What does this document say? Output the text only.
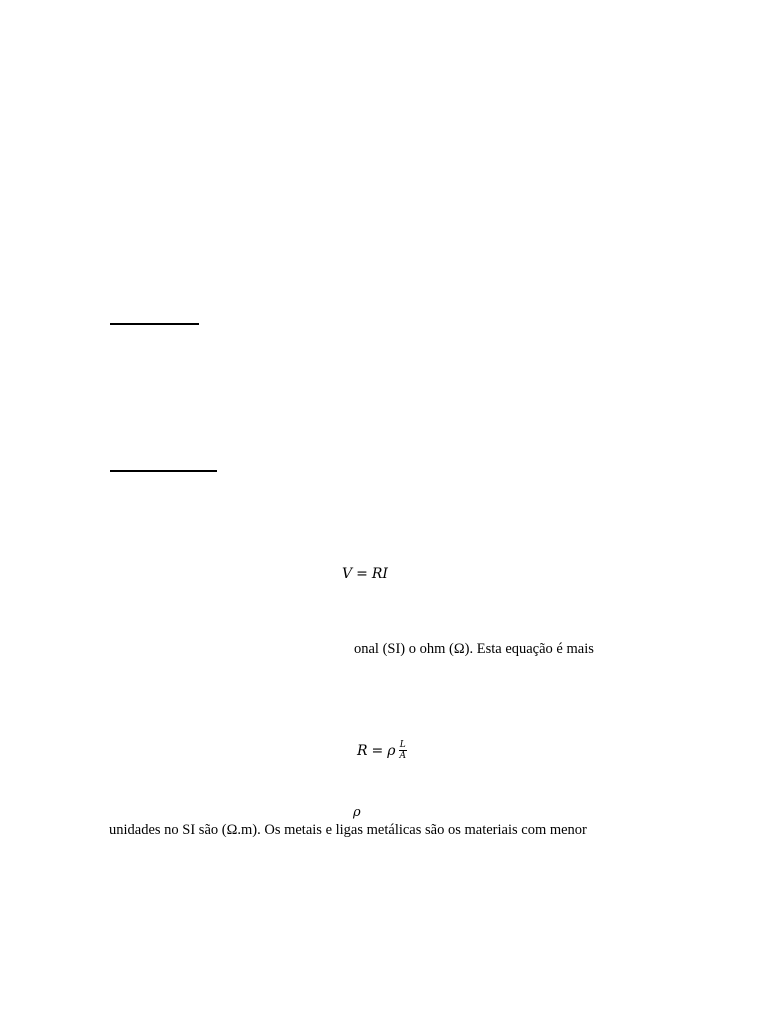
V = RI
onal (SI) o ohm (Ω). Esta equação é mais
R = ρ $\frac{L}{A}$
ρ
unidades no SI são (Ω.m). Os metais e ligas metálicas são os materiais com menor
